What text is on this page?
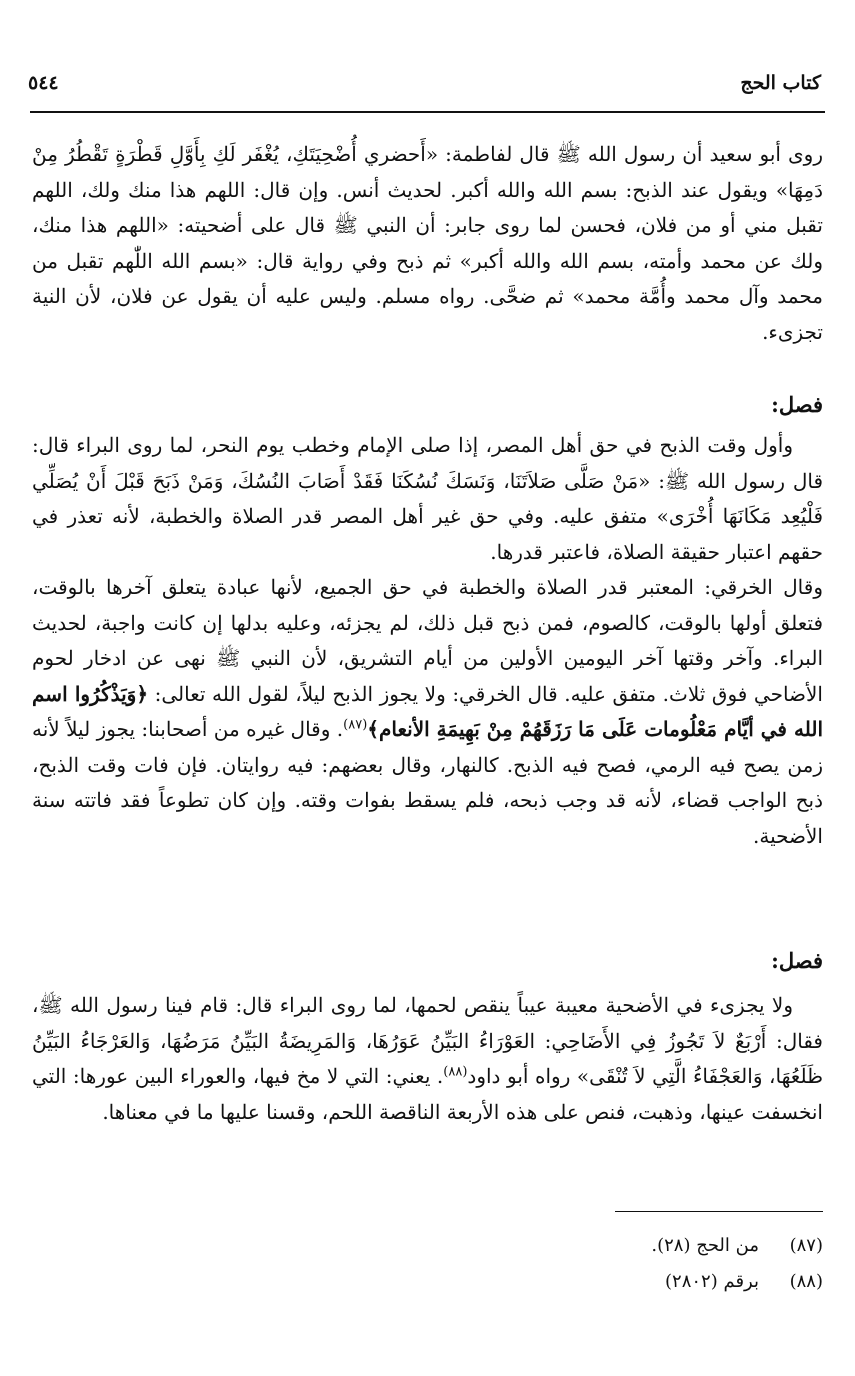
كتاب الحج
٥٤٤

روى أبو سعيد أن رسول الله ﷺ قال لفاطمة: «أَحضري أُضْحِيَتَكِ، يُغْفَر لَكِ بِأَوَّلِ قَطْرَةٍ تَقْطُرُ مِنْ دَمِهَا» ويقول عند الذبح: بسم الله والله أكبر. لحديث أنس. وإن قال: اللهم هذا منك ولك، اللهم تقبل مني أو من فلان، فحسن لما روى جابر: أن النبي ﷺ قال على أضحيته: «اللهم هذا منك، ولك عن محمد وأمته، بسم الله والله أكبر» ثم ذبح وفي رواية قال: «بسم الله اللّٰهم تقبل من محمد وآل محمد وأُمَّة محمد» ثم ضحَّى. رواه مسلم. وليس عليه أن يقول عن فلان، لأن النية تجزىء.

فصل:

وأول وقت الذبح في حق أهل المصر، إذا صلى الإمام وخطب يوم النحر، لما روى البراء قال: قال رسول الله ﷺ: «مَنْ صَلَّى صَلاَتَنَا، وَنَسَكَ نُسُكَنَا فَقَدْ أَصَابَ النُسُكَ، وَمَنْ ذَبَحَ قَبْلَ أَنْ يُصَلِّي فَلْيُعِد مَكَانَهَا أُخْرَى» متفق عليه. وفي حق غير أهل المصر قدر الصلاة والخطبة، لأنه تعذر في حقهم اعتبار حقيقة الصلاة، فاعتبر قدرها.

وقال الخرقي: المعتبر قدر الصلاة والخطبة في حق الجميع، لأنها عبادة يتعلق آخرها بالوقت، فتعلق أولها بالوقت، كالصوم، فمن ذبح قبل ذلك، لم يجزئه، وعليه بدلها إن كانت واجبة، لحديث البراء. وآخر وقتها آخر اليومين الأولين من أيام التشريق، لأن النبي ﷺ نهى عن ادخار لحوم الأضاحي فوق ثلاث. متفق عليه. قال الخرقي: ولا يجوز الذبح ليلاً، لقول الله تعالى: ﴿وَيَذْكُرُوا اسم الله في أيَّام مَعْلُومات عَلَى مَا رَزَقَهُمْ مِنْ بَهِيمَةِ الأنعام﴾$^{(٨٧)}$. وقال غيره من أصحابنا: يجوز ليلاً لأنه زمن يصح فيه الرمي، فصح فيه الذبح. كالنهار، وقال بعضهم: فيه روايتان. فإن فات وقت الذبح، ذبح الواجب قضاء، لأنه قد وجب ذبحه، فلم يسقط بفوات وقته. وإن كان تطوعاً فقد فاتته سنة الأضحية.

فصل:

ولا يجزىء في الأضحية معيبة عيباً ينقص لحمها، لما روى البراء قال: قام فينا رسول الله ﷺ، فقال: أَرْبَعٌ لاَ تَجُوزُ فِي الأَضَاحِي: العَوْرَاءُ البَيِّنُ عَوَرُهَا، وَالمَرِيضَةُ البَيِّنُ مَرَضُهَا، وَالعَرْجَاءُ البَيِّنُ ظَلَعُهَا، وَالعَجْفَاءُ الَّتِي لاَ تُنْقَى» رواه أبو داود$^{(٨٨)}$. يعني: التي لا مخ فيها، والعوراء البين عورها: التي انخسفت عينها، وذهبت، فنص على هذه الأربعة الناقصة اللحم، وقسنا عليها ما في معناها.

(٨٧)
من الحج (٢٨).
(٨٨)
برقم (٢٨٠٢)
